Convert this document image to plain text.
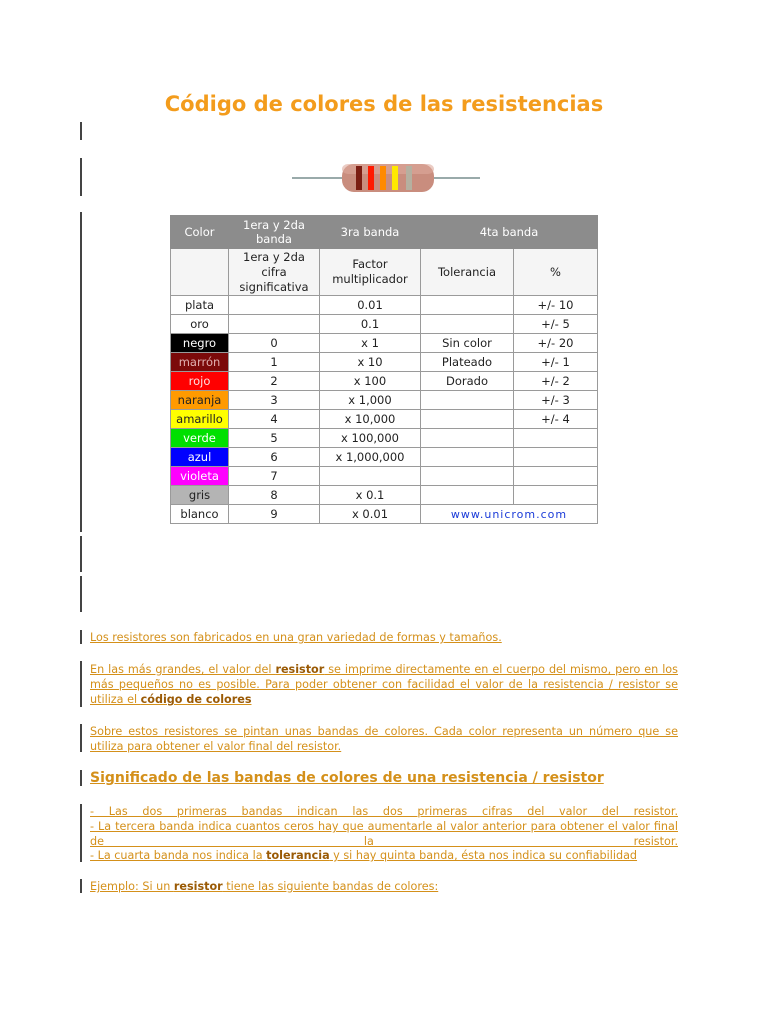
Código de colores de las resistencias
Color	1era y 2da banda	3ra banda	4ta banda	
	1era y 2da cifra significativa	Factor multiplicador	Tolerancia	%
plata		0.01		+/- 10
oro		0.1		+/- 5
negro	0	x 1	Sin color	+/- 20
marrón	1	x 10	Plateado	+/- 1
rojo	2	x 100	Dorado	+/- 2
naranja	3	x 1,000		+/- 3
amarillo	4	x 10,000		+/- 4
verde	5	x 100,000		
azul	6	x 1,000,000		
violeta	7			
gris	8	x 0.1		
blanco	9	x 0.01	www.unicrom.com	

Los resistores son fabricados en una gran variedad de formas y tamaños.

En las más grandes, el valor del resistor se imprime directamente en el cuerpo del mismo, pero en los más pequeños no es posible. Para poder obtener con facilidad el valor de la resistencia / resistor se utiliza el código de colores

Sobre estos resistores se pintan unas bandas de colores. Cada color representa un número que se utiliza para obtener el valor final del resistor.

Significado de las bandas de colores de una resistencia / resistor

- Las dos primeras bandas indican las dos primeras cifras del valor del resistor.

- La tercera banda indica cuantos ceros hay que aumentarle al valor anterior para obtener el valor final de la resistor.

- La cuarta banda nos indica la tolerancia y si hay quinta banda, ésta nos indica su confiabilidad

Ejemplo: Si un resistor tiene las siguiente bandas de colores:
